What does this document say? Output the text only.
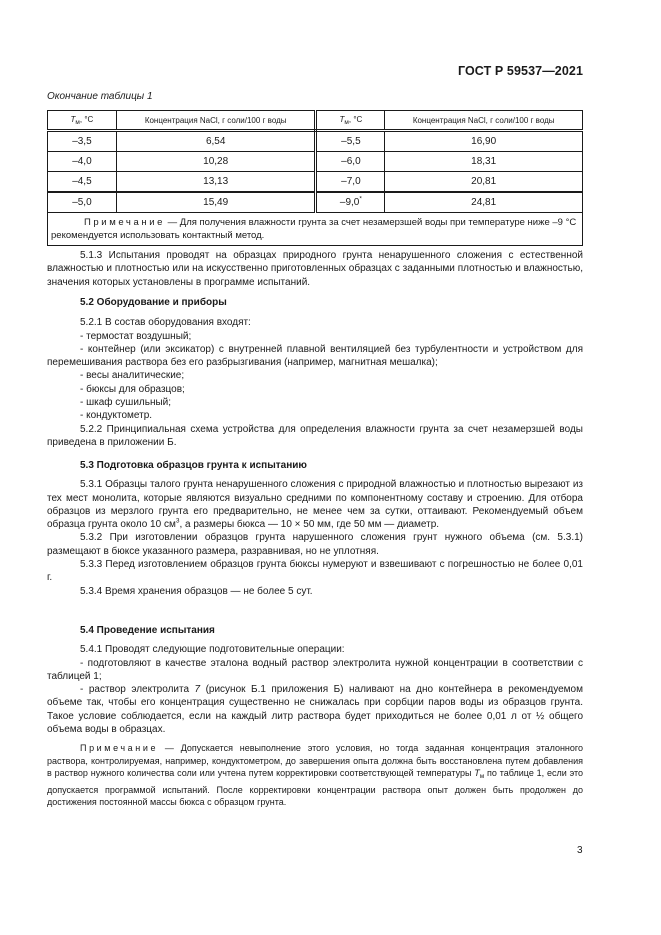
ГОСТ Р 59537—2021
Окончание таблицы 1
$T_м$, °С	Концентрация NaCl, г соли/100 г воды	$T_м$, °С	Концентрация NaCl, г соли/100 г воды
–3,5	6,54	–5,5	16,90
–4,0	10,28	–6,0	18,31
–4,5	13,13	–7,0	20,81
–5,0	15,49	–9,0*	24,81

Примечание — Для получения влажности грунта за счет незамерзшей воды при температуре ниже –9 °С рекомендуется использовать контактный метод.			

5.1.3 Испытания проводят на образцах природного грунта ненарушенного сложения с естественной влажностью и плотностью или на искусственно приготовленных образцах с заданными плотностью и влажностью, значения которых установлены в программе испытаний.

5.2 Оборудование и приборы

5.2.1 В состав оборудования входят:

- термостат воздушный;

- контейнер (или эксикатор) с внутренней плавной вентиляцией без турбулентности и устройством для перемешивания раствора без его разбрызгивания (например, магнитная мешалка);

- весы аналитические;

- бюксы для образцов;

- шкаф сушильный;

- кондуктометр.

5.2.2 Принципиальная схема устройства для определения влажности грунта за счет незамерзшей воды приведена в приложении Б.

5.3 Подготовка образцов грунта к испытанию

5.3.1 Образцы талого грунта ненарушенного сложения с природной влажностью и плотностью вырезают из тех мест монолита, которые являются визуально средними по компонентному составу и строению. Для отбора образцов из мерзлого грунта его предварительно, не менее чем за сутки, оттаивают. Рекомендуемый объем образца грунта около 10 $см^3$, а размеры бюкса — 10 × 50 мм, где 50 мм — диаметр.

5.3.2 При изготовлении образцов грунта нарушенного сложения грунт нужного объема (см. 5.3.1) размещают в бюксе указанного размера, разравнивая, но не уплотняя.

5.3.3 Перед изготовлением образцов грунта бюксы нумеруют и взвешивают с погрешностью не более 0,01 г.

5.3.4 Время хранения образцов — не более 5 сут.

5.4 Проведение испытания

5.4.1 Проводят следующие подготовительные операции:

- подготовляют в качестве эталона водный раствор электролита нужной концентрации в соответствии с таблицей 1;

- раствор электролита 7 (рисунок Б.1 приложения Б) наливают на дно контейнера в рекомендуемом объеме так, чтобы его концентрация существенно не снижалась при сорбции паров воды из образцов грунта. Такое условие соблюдается, если на каждый литр раствора будет приходиться не более 0,01 л от ½ общего объема воды в образцах.

Примечание — Допускается невыполнение этого условия, но тогда заданная концентрация эталонного раствора, контролируемая, например, кондуктометром, до завершения опыта должна быть восстановлена путем добавления в раствор нужного количества соли или учтена путем корректировки соответствующей температуры $T_м$ по таблице 1, если это допускается программой испытаний. После корректировки концентрации раствора опыт должен быть продолжен до достижения постоянной массы бюкса с образцом грунта.

3
